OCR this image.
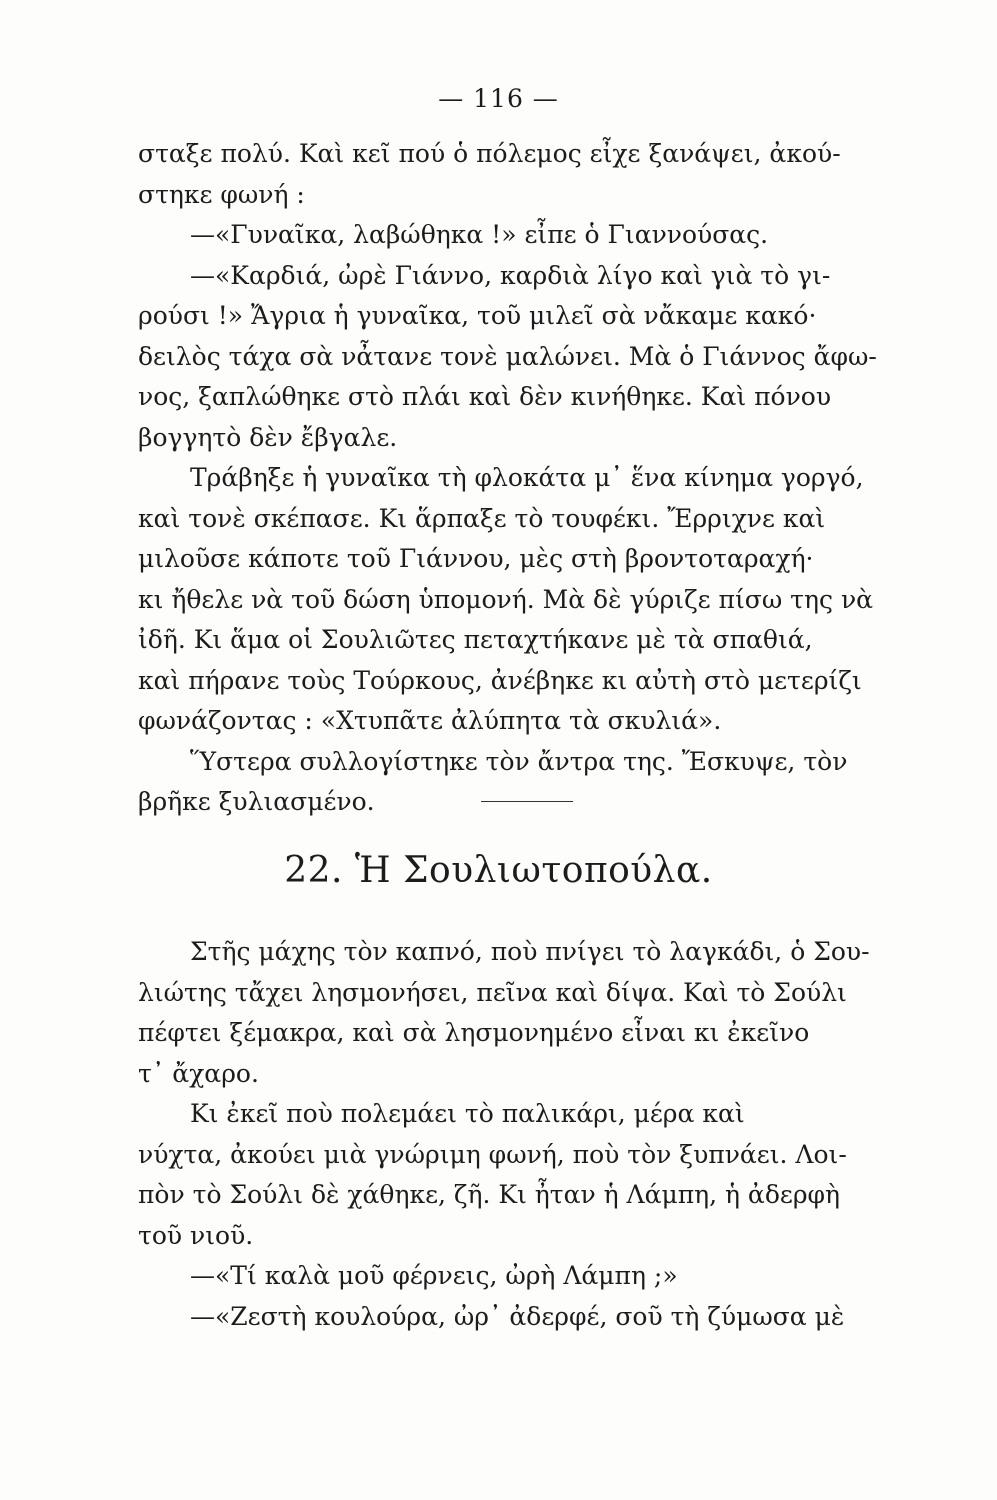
— 116 —

σταξε πολύ. Καὶ κεῖ πού ὁ πόλεμος εἶχε ξανάψει, ἀκού-
στηκε φωνή :

—«Γυναῖκα, λαβώθηκα !» εἶπε ὁ Γιαννούσας.

—«Καρδιά, ὠρὲ Γιάννο, καρδιὰ λίγο καὶ γιὰ τὸ γι-
ρούσι !» Ἄγρια ἡ γυναῖκα, τοῦ μιλεῖ σὰ νἄκαμε κακό·
δειλὸς τάχα σὰ νἆτανε τονὲ μαλώνει. Μὰ ὁ Γιάννος ἄφω-
νος, ξαπλώθηκε στὸ πλάι καὶ δὲν κινήθηκε. Καὶ πόνου
βογγητὸ δὲν ἔβγαλε.

Τράβηξε ἡ γυναῖκα τὴ φλοκάτα μ᾿ ἕνα κίνημα γοργό,
καὶ τονὲ σκέπασε. Κι ἅρπαξε τὸ τουφέκι. Ἔρριχνε καὶ
μιλοῦσε κάποτε τοῦ Γιάννου, μὲς στὴ βροντοταραχή·
κι ἤθελε νὰ τοῦ δώση ὑπομονή. Μὰ δὲ γύριζε πίσω της νὰ
ἰδῆ. Κι ἅμα οἱ Σουλιῶτες πεταχτήκανε μὲ τὰ σπαθιά,
καὶ πήρανε τοὺς Τούρκους, ἀνέβηκε κι αὐτὴ στὸ μετερίζι
φωνάζοντας : «Χτυπᾶτε ἀλύπητα τὰ σκυλιά».

Ὕστερα συλλογίστηκε τὸν ἄντρα της. Ἔσκυψε, τὸν
βρῆκε ξυλιασμένο.

22. Ἡ Σουλιωτοπούλα.

Στῆς μάχης τὸν καπνό, ποὺ πνίγει τὸ λαγκάδι, ὁ Σου-
λιώτης τἄχει λησμονήσει, πεῖνα καὶ δίψα. Καὶ τὸ Σούλι
πέφτει ξέμακρα, καὶ σὰ λησμονημένο εἶναι κι ἐκεῖνο
τ᾿ ἄχαρο.

Κι ἐκεῖ ποὺ πολεμάει τὸ παλικάρι, μέρα καὶ
νύχτα, ἀκούει μιὰ γνώριμη φωνή, ποὺ τὸν ξυπνάει. Λοι-
πὸν τὸ Σούλι δὲ χάθηκε, ζῆ. Κι ἦταν ἡ Λάμπη, ἡ ἀδερφὴ
τοῦ νιοῦ.

—«Τί καλὰ μοῦ φέρνεις, ὠρὴ Λάμπη ;»

—«Ζεστὴ κουλούρα, ὠρ᾿ ἀδερφέ, σοῦ τὴ ζύμωσα μὲ
